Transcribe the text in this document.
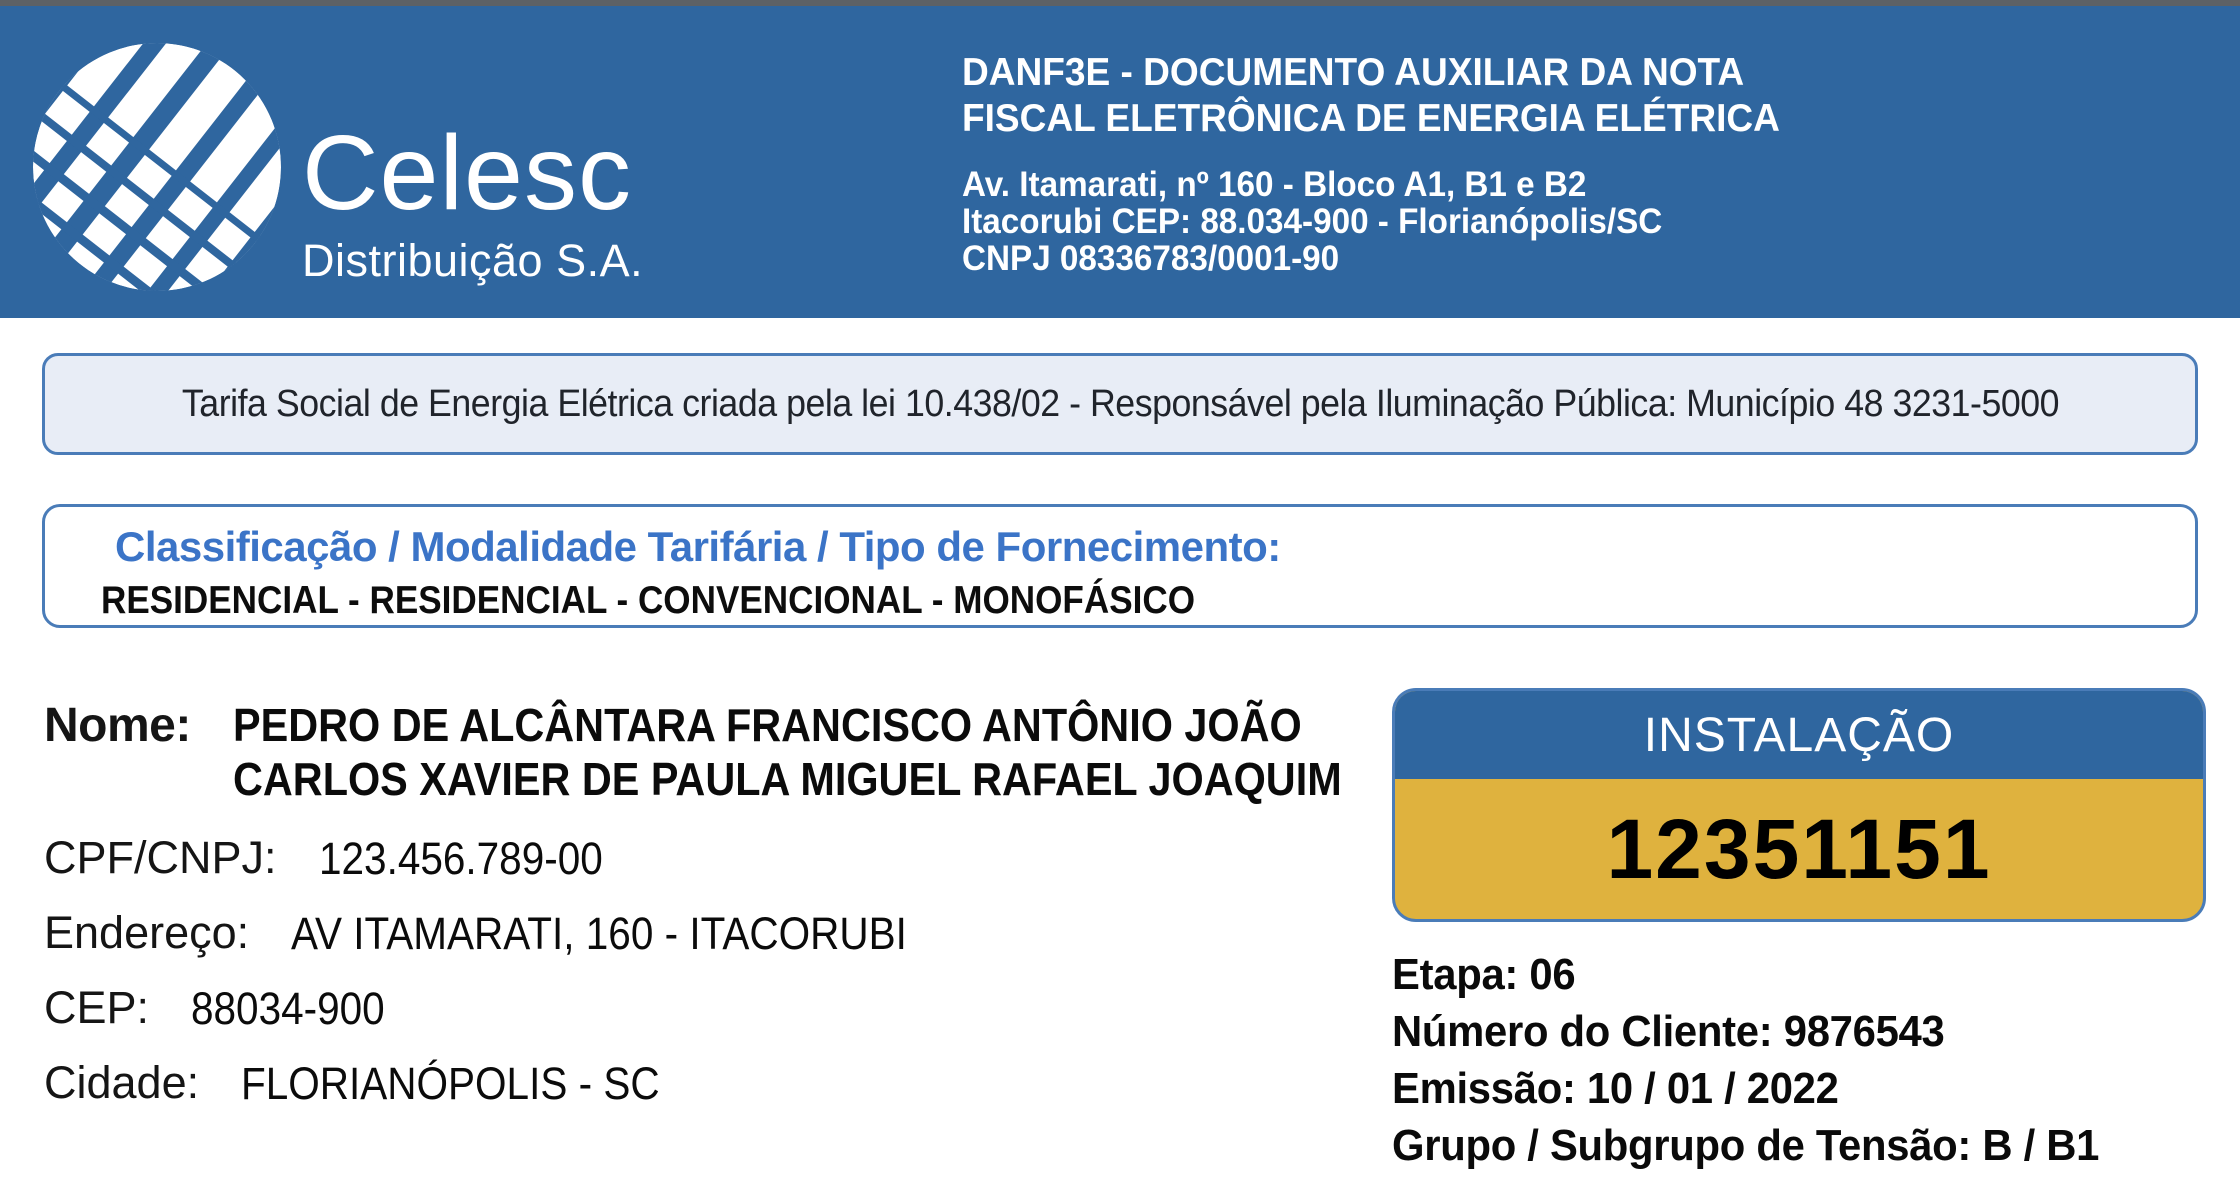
Celesc
Distribuição S.A.
DANF3E - DOCUMENTO AUXILIAR DA NOTA
FISCAL ELETRÔNICA DE ENERGIA ELÉTRICA
Av. Itamarati, nº 160 - Bloco A1, B1 e B2
Itacorubi CEP: 88.034-900 - Florianópolis/SC
CNPJ 08336783/0001-90
Tarifa Social de Energia Elétrica criada pela lei 10.438/02 - Responsável pela Iluminação Pública: Município 48 3231-5000
Classificação / Modalidade Tarifária / Tipo de Fornecimento:
RESIDENCIAL - RESIDENCIAL - CONVENCIONAL - MONOFÁSICO
Nome: PEDRO DE ALCÂNTARA FRANCISCO ANTÔNIO JOÃO
CARLOS XAVIER DE PAULA MIGUEL RAFAEL JOAQUIM
CPF/CNPJ: 123.456.789-00
Endereço: AV ITAMARATI, 160 - ITACORUBI
CEP: 88034-900
Cidade: FLORIANÓPOLIS - SC
INSTALAÇÃO
12351151
Etapa: 06
Número do Cliente: 9876543
Emissão: 10 / 01 / 2022
Grupo / Subgrupo de Tensão: B / B1
